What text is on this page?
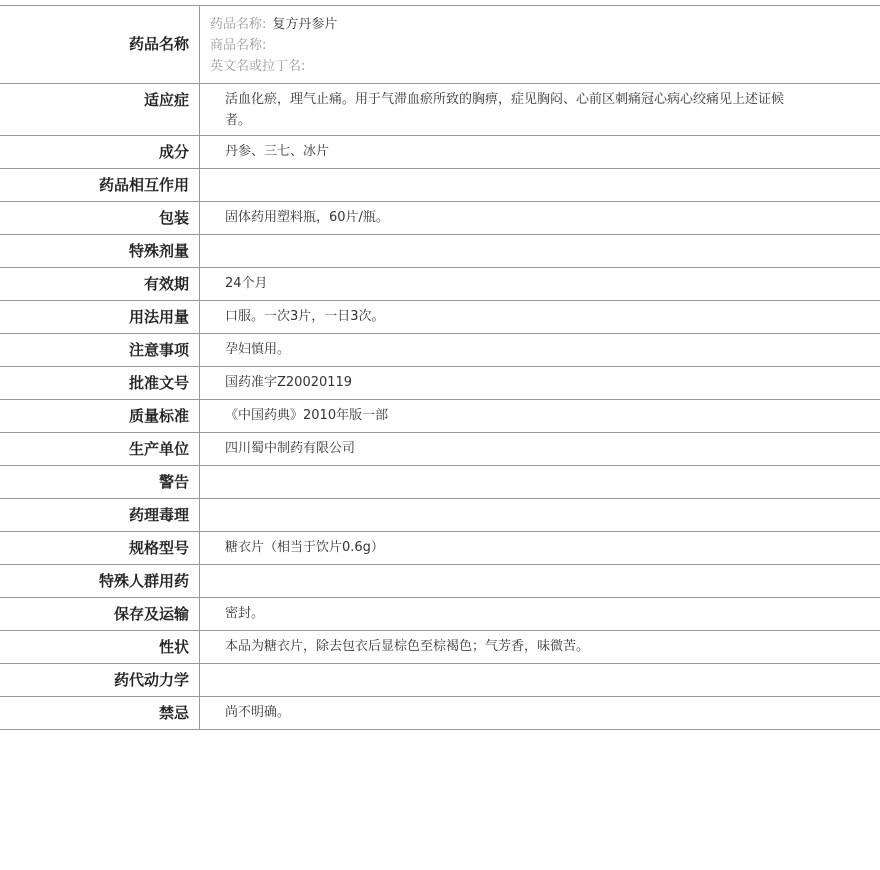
药品名称
药品名称: 复方丹参片
商品名称:
英文名或拉丁名:
适应症	活血化瘀，理气止痛。用于气滞血瘀所致的胸痹，症见胸闷、心前区刺痛冠心病心绞痛见上述证候者。
成分	丹参、三七、冰片
药品相互作用
包装	固体药用塑料瓶，60片/瓶。
特殊剂量
有效期	24个月
用法用量	口服。一次3片，一日3次。
注意事项	孕妇慎用。
批准文号	国药准字Z20020119
质量标准	《中国药典》2010年版一部
生产单位	四川蜀中制药有限公司
警告
药理毒理
规格型号	糖衣片（相当于饮片0.6g）
特殊人群用药
保存及运输	密封。
性状	本品为糖衣片，除去包衣后显棕色至棕褐色；气芳香，味微苦。
药代动力学
禁忌	尚不明确。
